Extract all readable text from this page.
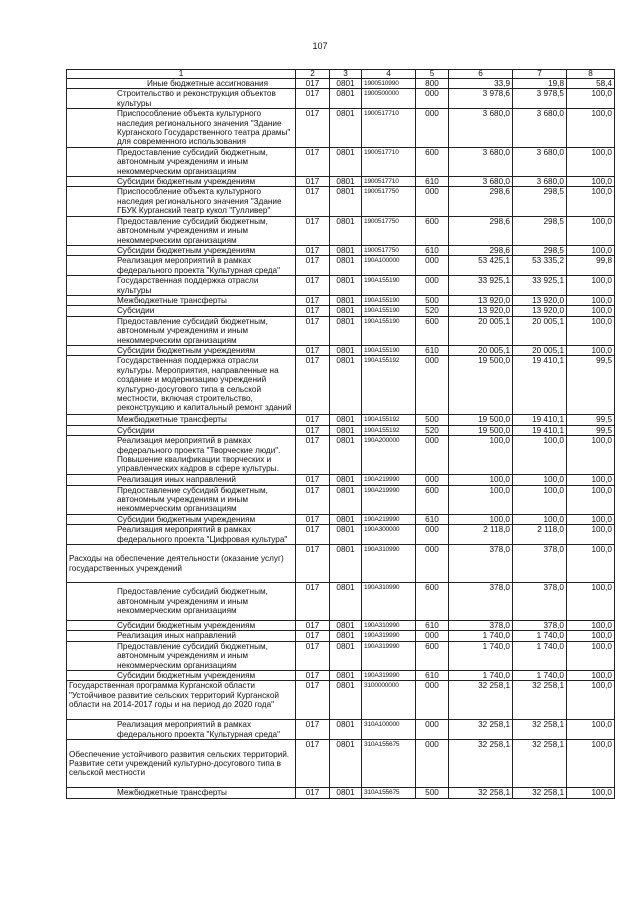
107
1	2	3	4	5	6	7	8
Иные бюджетные ассигнования	017	0801	1900510990	800	33,9	19,8	58,4
Строительство и реконструкция объектов культуры	017	0801	1900500000	000	3 978,6	3 978,5	100,0
Приспособление объекта культурного наследия регионального значения "Здание Курганского Государственного театра драмы" для современного использования	017	0801	1900517710	000	3 680,0	3 680,0	100,0
Предоставление субсидий бюджетным, автономным учреждениям и иным некоммерческим организациям	017	0801	1900517710	600	3 680,0	3 680,0	100,0
Субсидии бюджетным учреждениям	017	0801	1900517710	610	3 680,0	3 680,0	100,0
Приспособление объекта культурного наследия регионального значения "Здание ГБУК Курганский театр кукол "Гулливер"	017	0801	1900517750	000	298,6	298,5	100,0
Предоставление субсидий бюджетным, автономным учреждениям и иным некоммерческим организациям	017	0801	1900517750	600	298,6	298,5	100,0
Субсидии бюджетным учреждениям	017	0801	1900517750	610	298,6	298,5	100,0
Реализация мероприятий в рамках федерального проекта "Культурная среда"	017	0801	190A100000	000	53 425,1	53 335,2	99,8
Государственная поддержка отрасли культуры	017	0801	190A155190	000	33 925,1	33 925,1	100,0
Межбюджетные трансферты	017	0801	190A155190	500	13 920,0	13 920,0	100,0
Субсидии	017	0801	190A155190	520	13 920,0	13 920,0	100,0
Предоставление субсидий бюджетным, автономным учреждениям и иным некоммерческим организациям	017	0801	190A155190	600	20 005,1	20 005,1	100,0
Субсидии бюджетным учреждениям	017	0801	190A155190	610	20 005,1	20 005,1	100,0
Государственная поддержка отрасли культуры. Мероприятия, направленные на создание и модернизацию учреждений культурно-досугового типа в сельской местности, включая строительство, реконструкцию и капитальный ремонт зданий	017	0801	190A155192	000	19 500,0	19 410,1	99,5
Межбюджетные трансферты	017	0801	190A155192	500	19 500,0	19 410,1	99,5
Субсидии	017	0801	190A155192	520	19 500,0	19 410,1	99,5
Реализация мероприятий в рамках федерального проекта "Творческие люди". Повышение квалификации творческих и управленческих кадров в сфере культуры.	017	0801	190A200000	000	100,0	100,0	100,0
Реализация иных направлений	017	0801	190A219990	000	100,0	100,0	100,0
Предоставление субсидий бюджетным, автономным учреждениям и иным некоммерческим организациям	017	0801	190A219990	600	100,0	100,0	100,0
Субсидии бюджетным учреждениям	017	0801	190A219990	610	100,0	100,0	100,0
Реализация мероприятий в рамках федерального проекта "Цифровая культура"	017	0801	190A300000	000	2 118,0	2 118,0	100,0
Расходы на обеспечение деятельности (оказание услуг) государственных учреждений	017	0801	190A310990	000	378,0	378,0	100,0
Предоставление субсидий бюджетным, автономным учреждениям и иным некоммерческим организациям	017	0801	190A310990	600	378,0	378,0	100,0
Субсидии бюджетным учреждениям	017	0801	190A310990	610	378,0	378,0	100,0
Реализация иных направлений	017	0801	190A319990	000	1 740,0	1 740,0	100,0
Предоставление субсидий бюджетным, автономным учреждениям и иным некоммерческим организациям	017	0801	190A319990	600	1 740,0	1 740,0	100,0
Субсидии бюджетным учреждениям	017	0801	190A319990	610	1 740,0	1 740,0	100,0
Государственная программа Курганской области "Устойчивое развитие сельских территорий Курганской области на 2014-2017 годы и на период до 2020 года"	017	0801	3100000000	000	32 258,1	32 258,1	100,0
Реализация мероприятий в рамках федерального проекта "Культурная среда"	017	0801	310A100000	000	32 258,1	32 258,1	100,0
Обеспечение устойчивого развития сельских территорий. Развитие сети учреждений культурно-досугового типа в сельской местности	017	0801	310A155675	000	32 258,1	32 258,1	100,0
Межбюджетные трансферты	017	0801	310A155675	500	32 258,1	32 258,1	100,0
